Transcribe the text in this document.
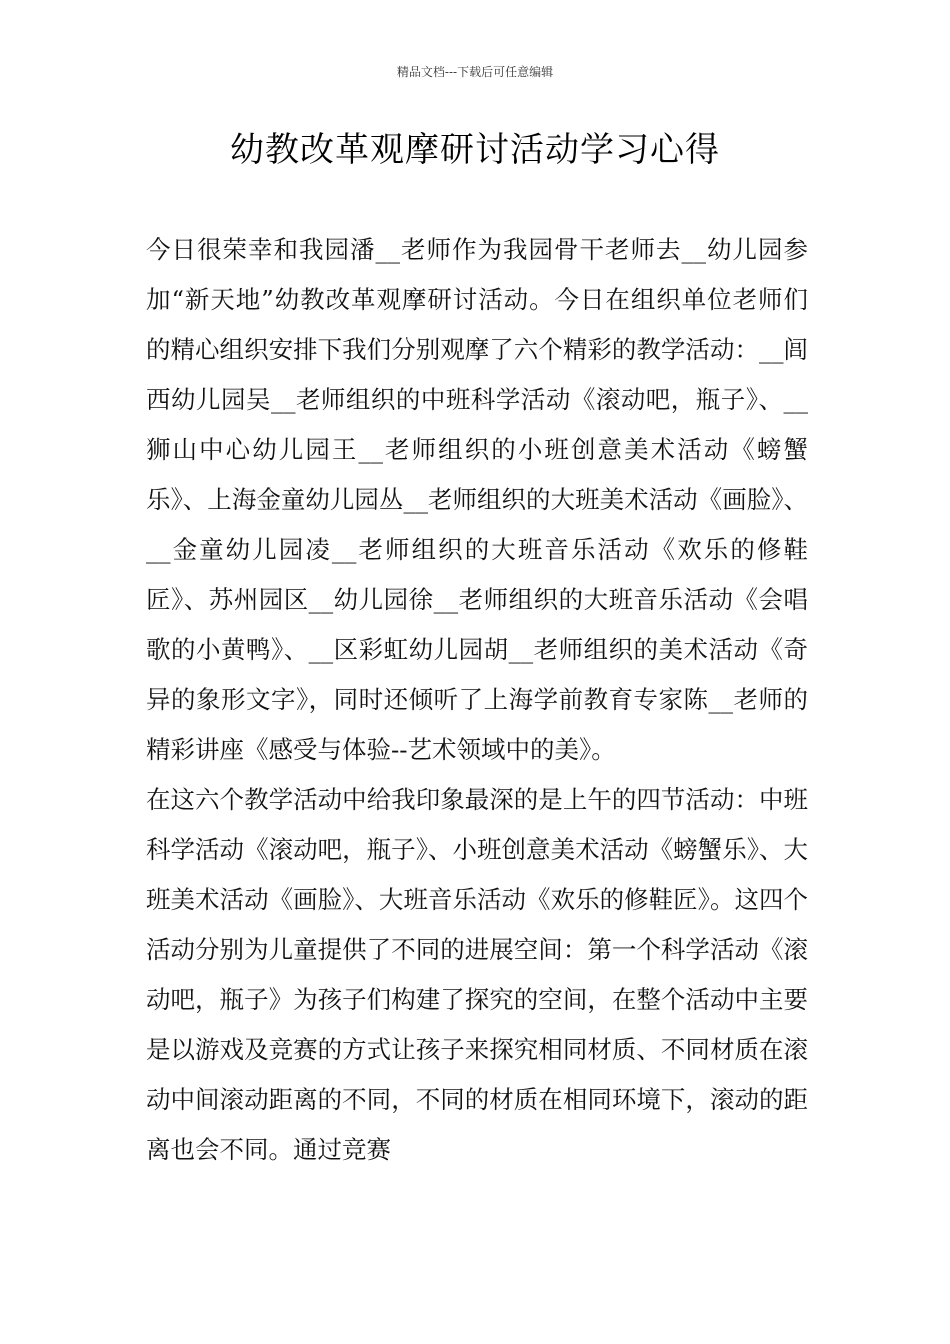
精品文档---下载后可任意编辑
幼教改革观摩研讨活动学习心得

今日很荣幸和我园潘__老师作为我园骨干老师去__幼儿园参加“新天地”幼教改革观摩研讨活动。今日在组织单位老师们的精心组织安排下我们分别观摩了六个精彩的教学活动：__闾西幼儿园吴__老师组织的中班科学活动《滚动吧，瓶子》、__狮山中心幼儿园王__老师组织的小班创意美术活动《螃蟹乐》、上海金童幼儿园丛__老师组织的大班美术活动《画脸》、__金童幼儿园凌__老师组织的大班音乐活动《欢乐的修鞋匠》、苏州园区__幼儿园徐__老师组织的大班音乐活动《会唱歌的小黄鸭》、__区彩虹幼儿园胡__老师组织的美术活动《奇异的象形文字》，同时还倾听了上海学前教育专家陈__老师的精彩讲座《感受与体验--艺术领域中的美》。

在这六个教学活动中给我印象最深的是上午的四节活动：中班科学活动《滚动吧，瓶子》、小班创意美术活动《螃蟹乐》、大班美术活动《画脸》、大班音乐活动《欢乐的修鞋匠》。这四个活动分别为儿童提供了不同的进展空间：第一个科学活动《滚动吧，瓶子》为孩子们构建了探究的空间，在整个活动中主要是以游戏及竞赛的方式让孩子来探究相同材质、不同材质在滚动中间滚动距离的不同，不同的材质在相同环境下，滚动的距离也会不同。通过竞赛
